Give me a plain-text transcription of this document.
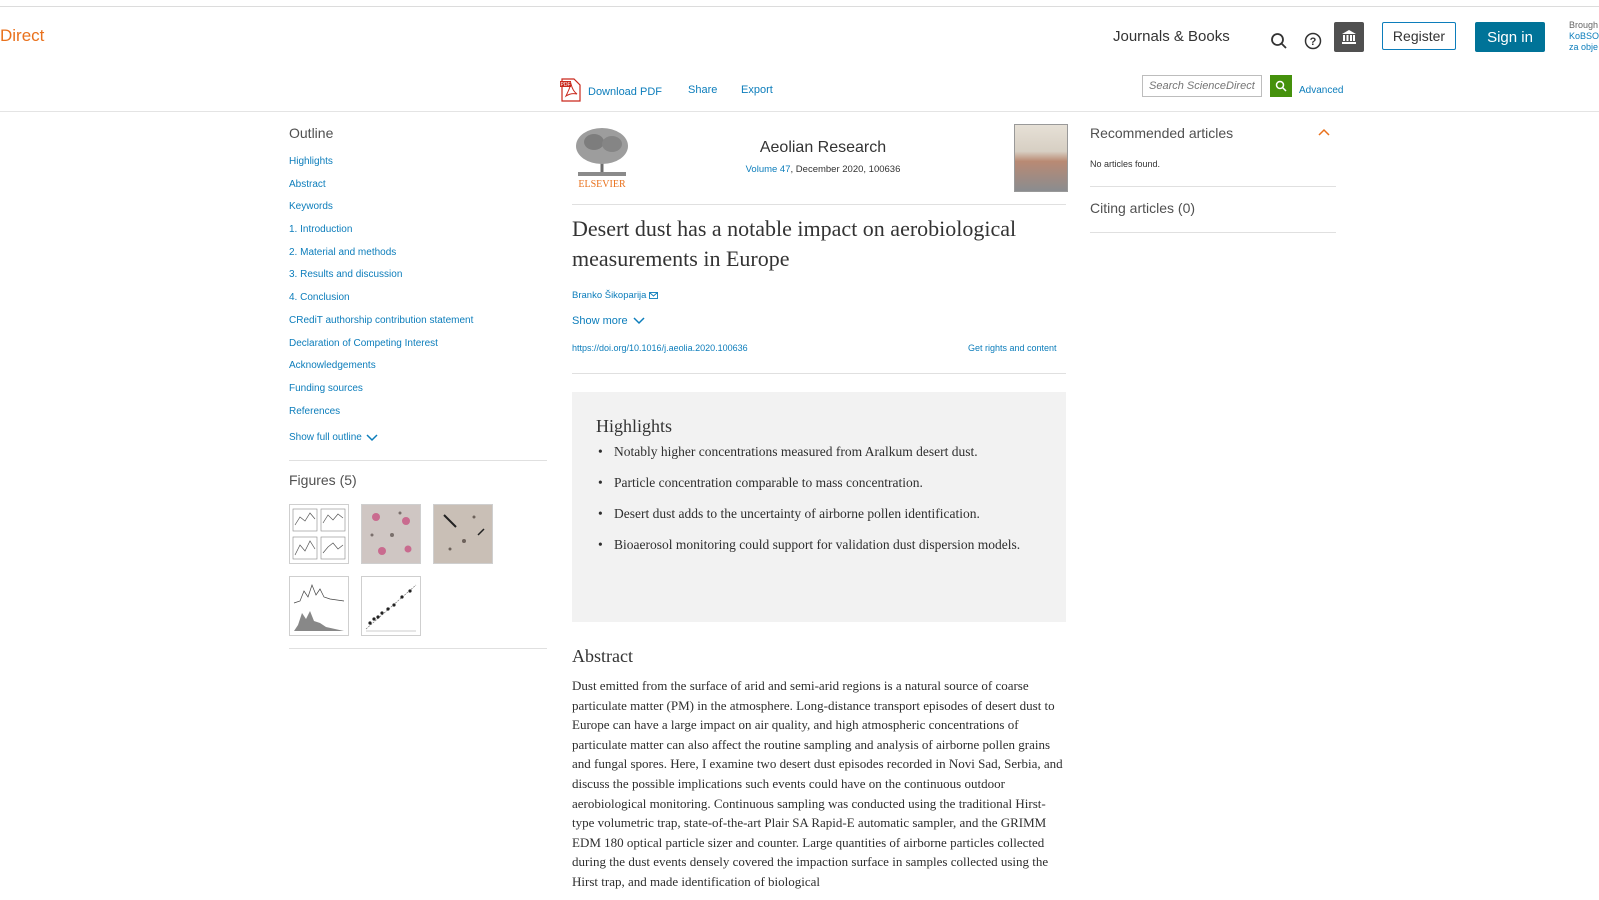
Direct	Journals & Books	?	Register	Sign in
Brough
KoBSO
za obje
PDF
Download PDF Share Export
Search ScienceDirect	Advanced
Outline
Highlights
Abstract
Keywords
1. Introduction
2. Material and methods
3. Results and discussion
4. Conclusion
CRediT authorship contribution statement
Declaration of Competing Interest
Acknowledgements
Funding sources
References
Show full outline
Figures (5)
ELSEVIER
Aeolian Research
Volume 47, December 2020, 100636
Desert dust has a notable impact on aerobiological measurements in Europe
Branko Šikoparija
Show more
https://doi.org/10.1016/j.aeolia.2020.100636	Get rights and content
Highlights
• Notably higher concentrations measured from Aralkum desert dust.
• Particle concentration comparable to mass concentration.
• Desert dust adds to the uncertainty of airborne pollen identification.
• Bioaerosol monitoring could support for validation dust dispersion models.
Abstract
Dust emitted from the surface of arid and semi-arid regions is a natural source of coarse particulate matter (PM) in the atmosphere. Long-distance transport episodes of desert dust to Europe can have a large impact on air quality, and high atmospheric concentrations of particulate matter can also affect the routine sampling and analysis of airborne pollen grains and fungal spores. Here, I examine two desert dust episodes recorded in Novi Sad, Serbia, and discuss the possible implications such events could have on the continuous outdoor aerobiological monitoring. Continuous sampling was conducted using the traditional Hirst-type volumetric trap, state-of-the-art Plair SA Rapid-E automatic sampler, and the GRIMM EDM 180 optical particle sizer and counter. Large quantities of airborne particles collected during the dust events densely covered the impaction surface in samples collected using the Hirst trap, and made identification of biological
Recommended articles
No articles found.
Citing articles (0)
